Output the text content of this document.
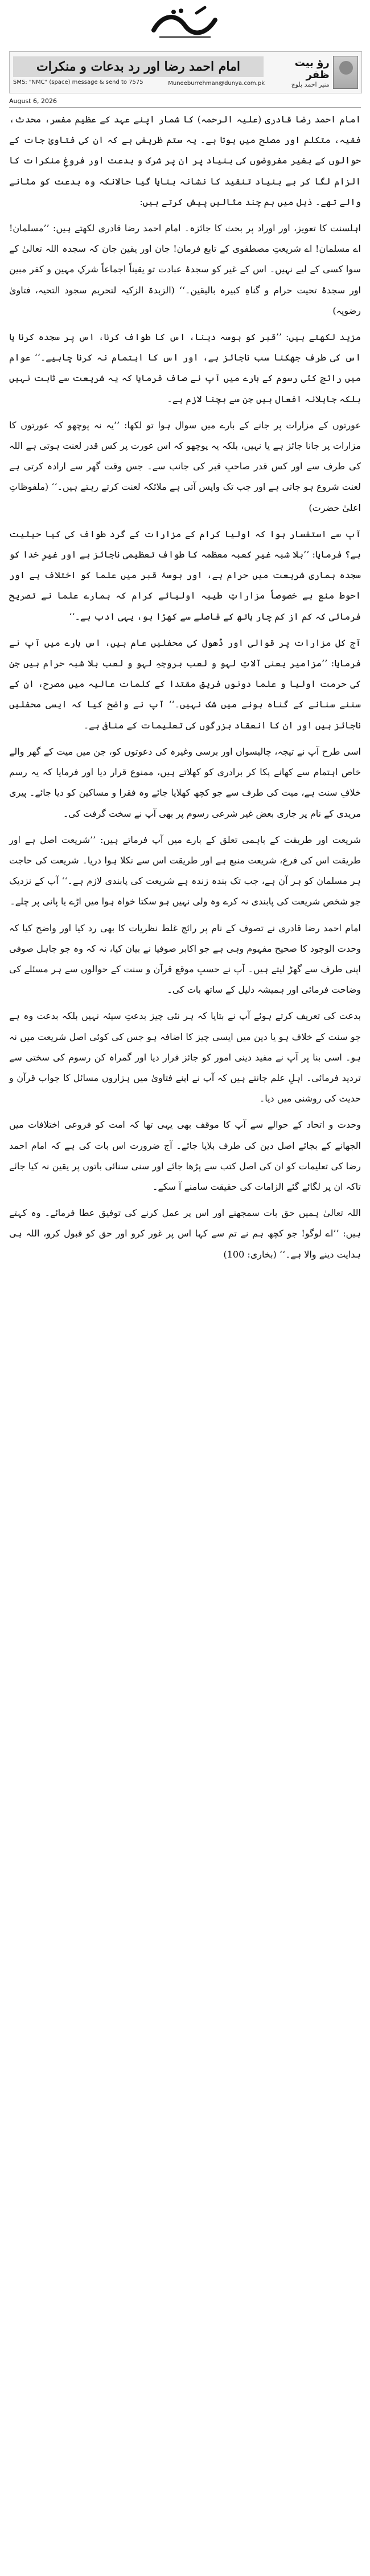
رؤ بیت ظفر
منیر احمد بلوچ
امام احمد رضا اور رد بدعات و منکرات
SMS: "NMC" (space) message & send to 7575	Muneeburrehman@dunya.com.pk
August 6, 2026

امام احمد رضا قادری (علیہ الرحمہ) کا شمار اپنے عہد کے عظیم مفسر، محدث، فقیہ، متکلم اور مصلح میں ہوتا ہے۔ یہ ستم ظریفی ہے کہ ان کی فتاویٰ جات کے حوالوں کے بغیر مفروضوں کی بنیاد پر ان پر شرک و بدعت اور فروغِ منکرات کا الزام لگا کر بے بنیاد تنقید کا نشانہ بنایا گیا حالانکہ وہ بدعت کو مٹانے والے تھے۔ ذیل میں ہم چند مثالیں پیش کرتے ہیں:

اہلسنت کا تعویز، اور اوراد پر بحث کا جائزہ۔ امام احمد رضا قادری لکھتے ہیں: ’’مسلمان! اے مسلمان! اے شریعتِ مصطفوی کے تابع فرمان! جان اور یقین جان کہ سجدہ اللہ تعالیٰ کے سوا کسی کے لیے نہیں۔ اس کے غیر کو سجدۂ عبادت تو یقیناً اجماعاً شرکِ مہین و کفر مبین اور سجدۂ تحیت حرام و گناہِ کبیرہ بالیقین۔‘‘ (الزبدۃ الزکیہ لتحریم سجود التحیہ، فتاویٰ رضویہ)

مزید لکھتے ہیں: ’’قبر کو بوسہ دینا، اس کا طواف کرنا، اس پر سجدہ کرنا یا اس کی طرف جھکنا سب ناجائز ہے، اور اس کا اہتمام نہ کرنا چاہیے۔‘‘ عوام میں رائج کئی رسوم کے بارے میں آپ نے صاف فرمایا کہ یہ شریعت سے ثابت نہیں بلکہ جاہلانہ افعال ہیں جن سے بچنا لازم ہے۔

عورتوں کے مزارات پر جانے کے بارے میں سوال ہوا تو لکھا: ’’یہ نہ پوچھو کہ عورتوں کا مزارات پر جانا جائز ہے یا نہیں، بلکہ یہ پوچھو کہ اس عورت پر کس قدر لعنت ہوتی ہے اللہ کی طرف سے اور کس قدر صاحبِ قبر کی جانب سے۔ جس وقت گھر سے ارادہ کرتی ہے لعنت شروع ہو جاتی ہے اور جب تک واپس آتی ہے ملائکہ لعنت کرتے رہتے ہیں۔‘‘ (ملفوظاتِ اعلیٰ حضرت)

آپ سے استفسار ہوا کہ اولیا کرام کے مزارات کے گرد طواف کی کیا حیثیت ہے؟ فرمایا: ’’بلا شبہ غیرِ کعبہ معظمہ کا طواف تعظیمی ناجائز ہے اور غیرِ خدا کو سجدہ ہماری شریعت میں حرام ہے، اور بوسۂ قبر میں علما کو اختلاف ہے اور احوط منع ہے خصوصاً مزاراتِ طیبہ اولیائے کرام کہ ہمارے علما نے تصریح فرمائی کہ کم از کم چار ہاتھ کے فاصلے سے کھڑا ہو، یہی ادب ہے۔‘‘

آج کل مزارات پر قوالی اور ڈھول کی محفلیں عام ہیں، اس بارے میں آپ نے فرمایا: ’’مزامیر یعنی آلاتِ لہو و لعب بروجہِ لہو و لعب بلا شبہ حرام ہیں جن کی حرمت اولیا و علما دونوں فریق مقتدا کے کلمات عالیہ میں مصرح، ان کے سننے سنانے کے گناہ ہونے میں شک نہیں۔‘‘ آپ نے واضح کیا کہ ایسی محفلیں ناجائز ہیں اور ان کا انعقاد بزرگوں کی تعلیمات کے منافی ہے۔

اسی طرح آپ نے تیجہ، چالیسواں اور برسی وغیرہ کی دعوتوں کو، جن میں میت کے گھر والے خاص اہتمام سے کھانے پکا کر برادری کو کھلاتے ہیں، ممنوع قرار دیا اور فرمایا کہ یہ رسم خلافِ سنت ہے، میت کی طرف سے جو کچھ کھلایا جائے وہ فقرا و مساکین کو دیا جائے۔ پیری مریدی کے نام پر جاری بعض غیر شرعی رسوم پر بھی آپ نے سخت گرفت کی۔

شریعت اور طریقت کے باہمی تعلق کے بارے میں آپ فرماتے ہیں: ’’شریعت اصل ہے اور طریقت اس کی فرع، شریعت منبع ہے اور طریقت اس سے نکلا ہوا دریا۔ شریعت کی حاجت ہر مسلمان کو ہر آن ہے، جب تک بندہ زندہ ہے شریعت کی پابندی لازم ہے۔‘‘ آپ کے نزدیک جو شخص شریعت کی پابندی نہ کرے وہ ولی نہیں ہو سکتا خواہ ہوا میں اڑے یا پانی پر چلے۔

امام احمد رضا قادری نے تصوف کے نام پر رائج غلط نظریات کا بھی رد کیا اور واضح کیا کہ وحدت الوجود کا صحیح مفہوم وہی ہے جو اکابر صوفیا نے بیان کیا، نہ کہ وہ جو جاہل صوفی اپنی طرف سے گھڑ لیتے ہیں۔ آپ نے حسبِ موقع قرآن و سنت کے حوالوں سے ہر مسئلے کی وضاحت فرمائی اور ہمیشہ دلیل کے ساتھ بات کی۔

بدعت کی تعریف کرتے ہوئے آپ نے بتایا کہ ہر نئی چیز بدعتِ سیئہ نہیں بلکہ بدعت وہ ہے جو سنت کے خلاف ہو یا دین میں ایسی چیز کا اضافہ ہو جس کی کوئی اصل شریعت میں نہ ہو۔ اسی بنا پر آپ نے مفید دینی امور کو جائز قرار دیا اور گمراہ کن رسوم کی سختی سے تردید فرمائی۔ اہلِ علم جانتے ہیں کہ آپ نے اپنے فتاویٰ میں ہزاروں مسائل کا جواب قرآن و حدیث کی روشنی میں دیا۔

وحدت و اتحاد کے حوالے سے آپ کا موقف بھی یہی تھا کہ امت کو فروعی اختلافات میں الجھانے کے بجائے اصل دین کی طرف بلایا جائے۔ آج ضرورت اس بات کی ہے کہ امام احمد رضا کی تعلیمات کو ان کی اصل کتب سے پڑھا جائے اور سنی سنائی باتوں پر یقین نہ کیا جائے تاکہ ان پر لگائے گئے الزامات کی حقیقت سامنے آ سکے۔

اللہ تعالیٰ ہمیں حق بات سمجھنے اور اس پر عمل کرنے کی توفیق عطا فرمائے۔ وہ کہتے ہیں: ’’اے لوگو! جو کچھ ہم نے تم سے کہا اس پر غور کرو اور حق کو قبول کرو، اللہ ہی ہدایت دینے والا ہے۔‘‘ (بخاری: 100)
